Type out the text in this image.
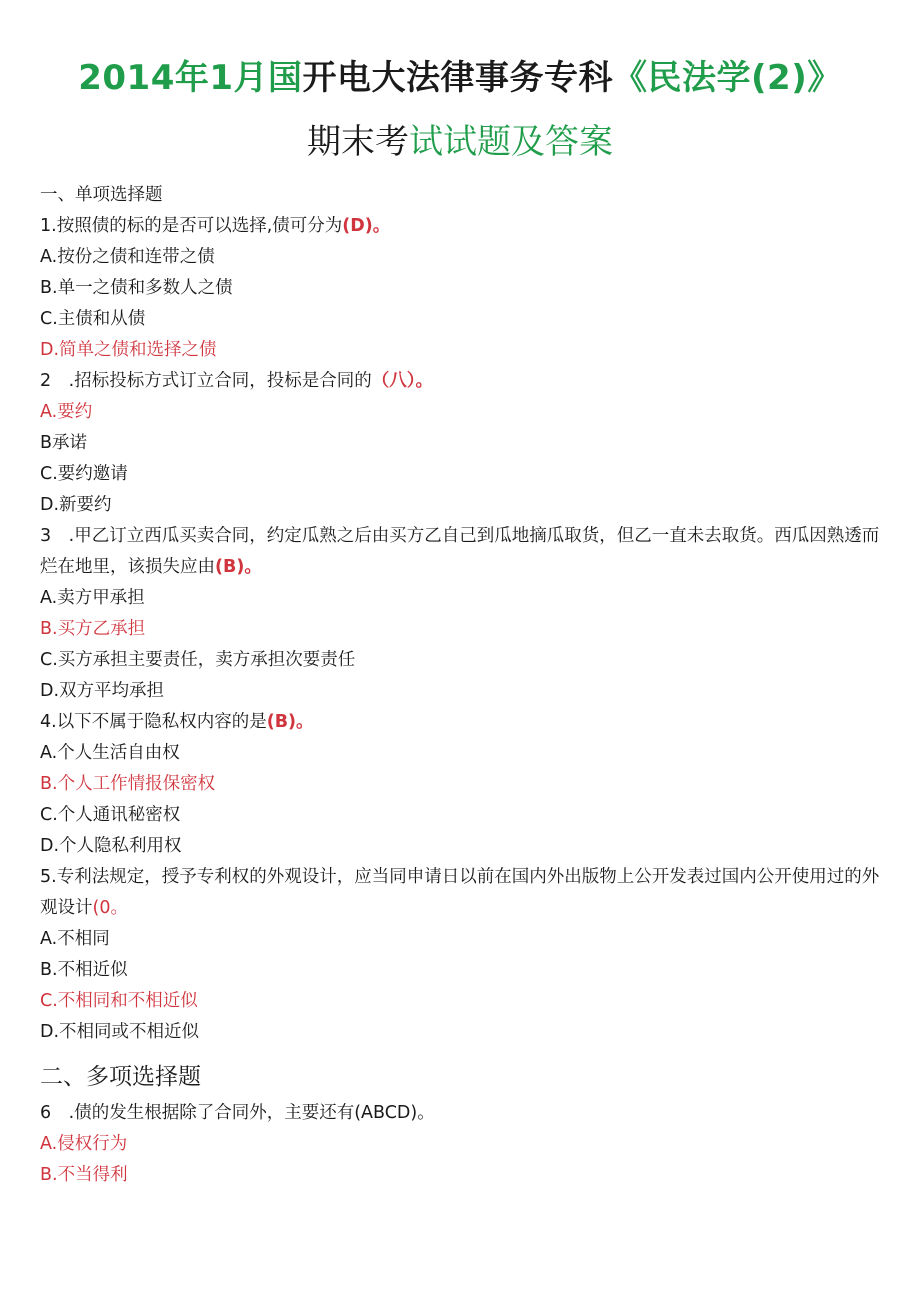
2014年1月国开电大法律事务专科《民法学(2)》
期末考试试题及答案
一、单项选择题
1.按照债的标的是否可以选择,债可分为(D)。
A.按份之债和连带之债
B.单一之债和多数人之债
C.主债和从债
D.简单之债和选择之债
2　.招标投标方式订立合同，投标是合同的（八）。
A.要约
B承诺
C.要约邀请
D.新要约
3　.甲乙订立西瓜买卖合同，约定瓜熟之后由买方乙自己到瓜地摘瓜取货，但乙一直未去取货。西瓜因熟透而烂在地里，该损失应由(B)。
A.卖方甲承担
B.买方乙承担
C.买方承担主要责任，卖方承担次要责任
D.双方平均承担
4.以下不属于隐私权内容的是(B)。
A.个人生活自由权
B.个人工作情报保密权
C.个人通讯秘密权
D.个人隐私利用权
5.专利法规定，授予专利权的外观设计，应当同申请日以前在国内外出版物上公开发表过国内公开使用过的外观设计(0。
A.不相同
B.不相近似
C.不相同和不相近似
D.不相同或不相近似
二、多项选择题
6　.债的发生根据除了合同外，主要还有(ABCD)。
A.侵权行为
B.不当得利
